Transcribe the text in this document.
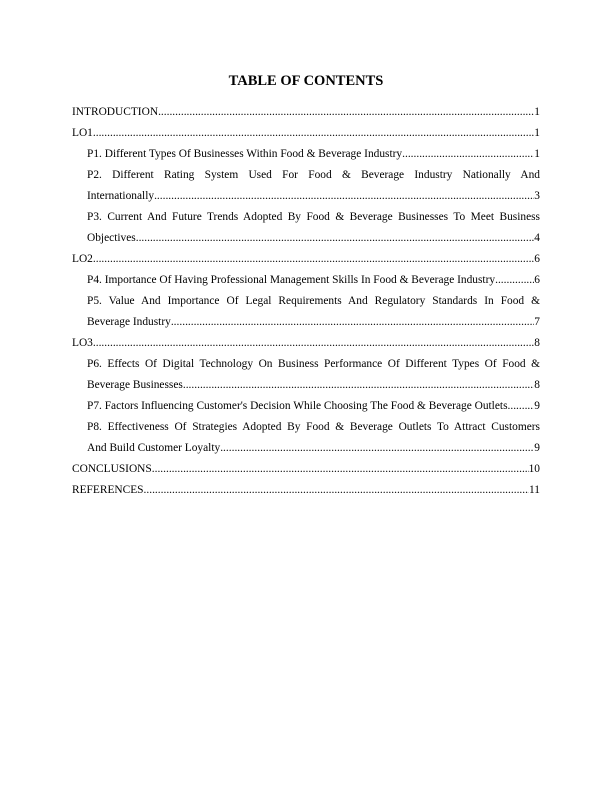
TABLE OF CONTENTS
INTRODUCTION .....	1
LO1 .....	1
P1. Different Types Of Businesses Within Food & Beverage Industry .....	1
P2. Different Rating System Used For Food & Beverage Industry Nationally And
Internationally .....	3
P3. Current And Future Trends Adopted By Food & Beverage Businesses To Meet Business
Objectives .....	4
LO2 .....	6
P4. Importance Of Having Professional Management Skills In Food & Beverage Industry .....	6
P5. Value And Importance Of Legal Requirements And Regulatory Standards In Food &
Beverage Industry .....	7
LO3 .....	8
P6. Effects Of Digital Technology On Business Performance Of Different Types Of Food &
Beverage Businesses .....	8
P7. Factors Influencing Customer's Decision While Choosing The Food & Beverage Outlets ..... 9
P8. Effectiveness Of Strategies Adopted By Food & Beverage Outlets To Attract Customers
And Build Customer Loyalty .....	9
CONCLUSIONS .....	10
REFERENCES .....	11
